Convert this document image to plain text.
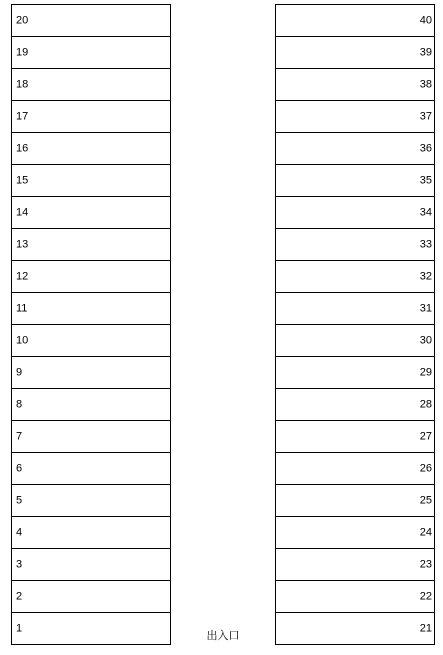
20
19
18
17
16
15
14
13
12
11
10
9
8
7
6
5
4
3
2
1
出入口
40
39
38
37
36
35
34
33
32
31
30
29
28
27
26
25
24
23
22
21
